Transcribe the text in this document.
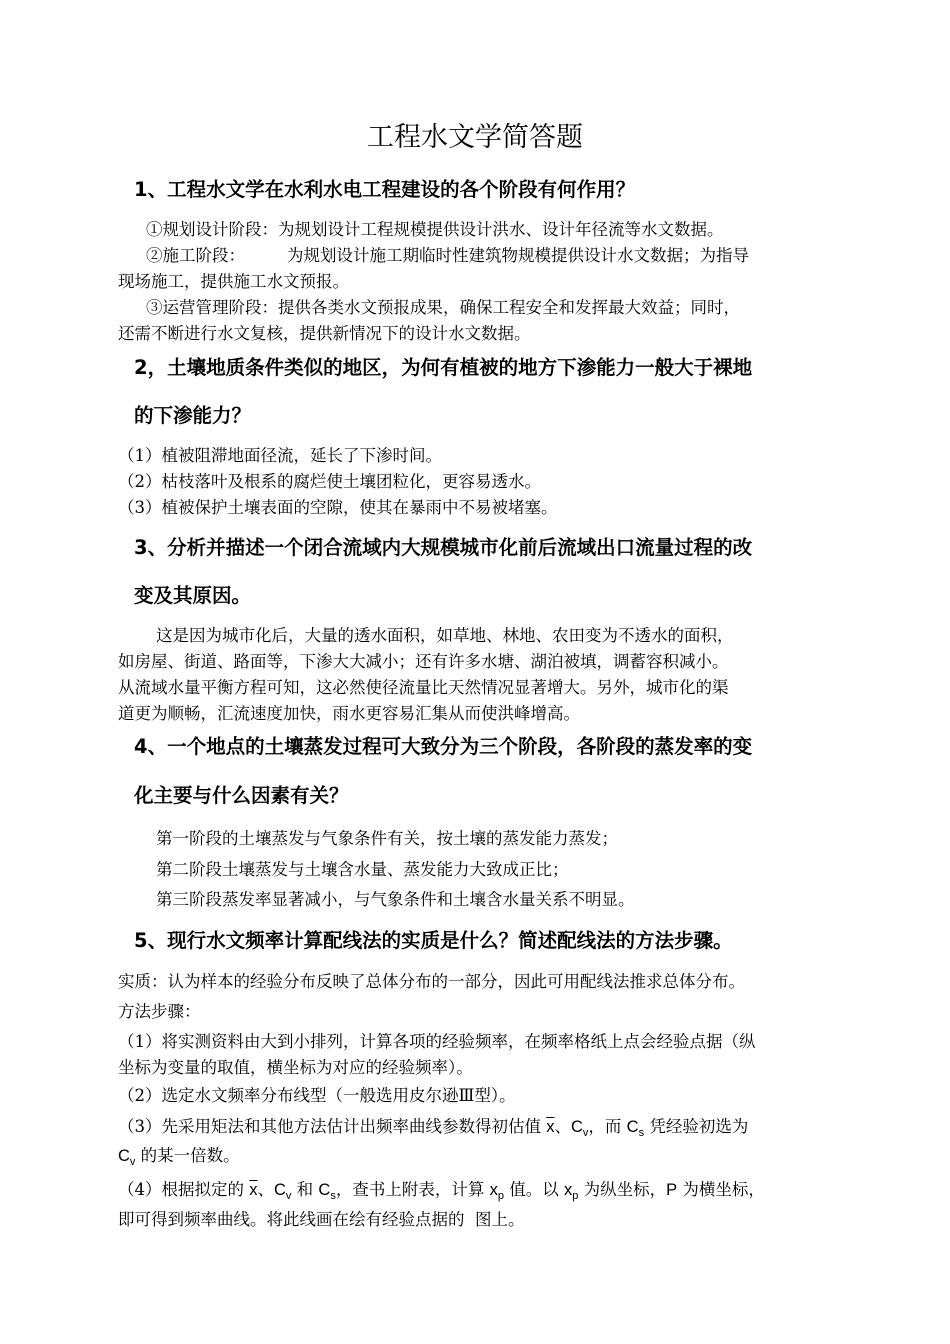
工程水文学简答题
1、工程水文学在水利水电工程建设的各个阶段有何作用？
①规划设计阶段：为规划设计工程规模提供设计洪水、设计年径流等水文数据。
②施工阶段：        为规划设计施工期临时性建筑物规模提供设计水文数据；为指导
现场施工，提供施工水文预报。
③运营管理阶段：提供各类水文预报成果，确保工程安全和发挥最大效益；同时，
还需不断进行水文复核，提供新情况下的设计水文数据。
2，土壤地质条件类似的地区，为何有植被的地方下渗能力一般大于裸地
的下渗能力？
（1）植被阻滞地面径流，延长了下渗时间。
（2）枯枝落叶及根系的腐烂使土壤团粒化，更容易透水。
（3）植被保护土壤表面的空隙，使其在暴雨中不易被堵塞。
3、分析并描述一个闭合流域内大规模城市化前后流域出口流量过程的改
变及其原因。
这是因为城市化后，大量的透水面积，如草地、林地、农田变为不透水的面积，
如房屋、街道、路面等，下渗大大减小；还有许多水塘、湖泊被填，调蓄容积减小。
从流域水量平衡方程可知，这必然使径流量比天然情况显著增大。另外，城市化的渠
道更为顺畅，汇流速度加快，雨水更容易汇集从而使洪峰增高。
4、一个地点的土壤蒸发过程可大致分为三个阶段，各阶段的蒸发率的变
化主要与什么因素有关？
第一阶段的土壤蒸发与气象条件有关，按土壤的蒸发能力蒸发；
第二阶段土壤蒸发与土壤含水量、蒸发能力大致成正比；
第三阶段蒸发率显著减小，与气象条件和土壤含水量关系不明显。
5、现行水文频率计算配线法的实质是什么？简述配线法的方法步骤。
实质：认为样本的经验分布反映了总体分布的一部分，因此可用配线法推求总体分布。
方法步骤：
（1）将实测资料由大到小排列，计算各项的经验频率，在频率格纸上点会经验点据（纵
坐标为变量的取值，横坐标为对应的经验频率）。
（2）选定水文频率分布线型（一般选用皮尔逊Ⅲ型）。
（3）先采用矩法和其他方法估计出频率曲线参数得初估值 $\overline{x}$、$C_v$，而 $C_s$ 凭经验初选为
$C_v$ 的某一倍数。
（4）根据拟定的 $\overline{x}$、$C_v$ 和 $C_s$，查书上附表，计算 $x_p$ 值。以 $x_p$ 为纵坐标，P 为横坐标，
即可得到频率曲线。将此线画在绘有经验点据的  图上。
